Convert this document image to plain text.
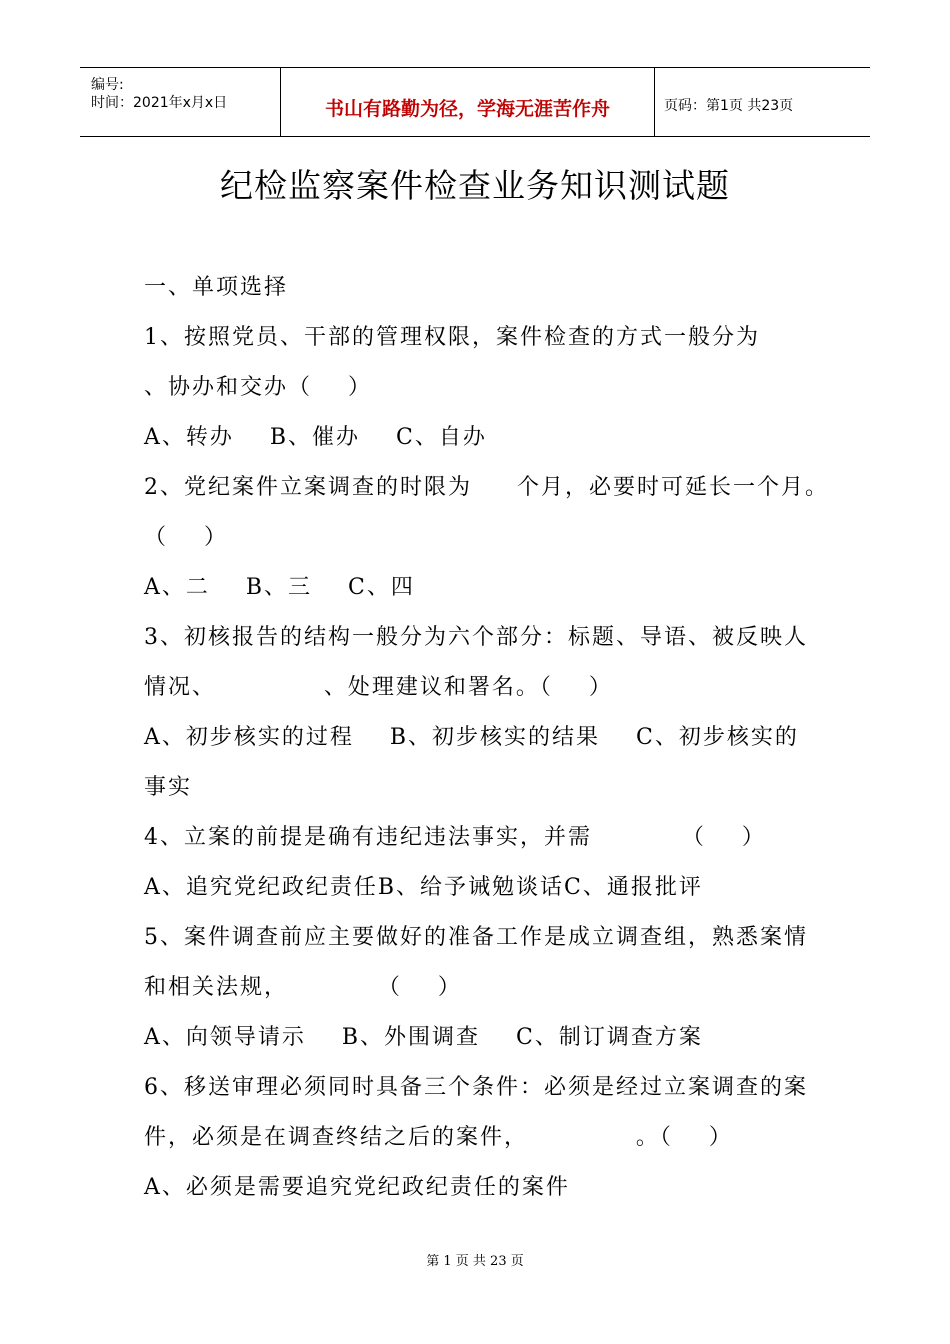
编号:
时间：2021年x月x日	书山有路勤为径，学海无涯苦作舟	页码：第1页 共23页
纪检监察案件检查业务知识测试题
一、单项选择
1、按照党员、干部的管理权限，案件检查的方式一般分为
、协办和交办（    ）
A、转办    B、催办    C、自办
2、党纪案件立案调查的时限为     个月，必要时可延长一个月。
（    ）
A、二    B、三    C、四
3、初核报告的结构一般分为六个部分：标题、导语、被反映人
情况、            、处理建议和署名。（    ）
A、初步核实的过程    B、初步核实的结果    C、初步核实的
事实
4、立案的前提是确有违纪违法事实，并需          （    ）
A、追究党纪政纪责任B、给予诫勉谈话C、通报批评
5、案件调查前应主要做好的准备工作是成立调查组，熟悉案情
和相关法规，          （    ）
A、向领导请示    B、外围调查    C、制订调查方案
6、移送审理必须同时具备三个条件：必须是经过立案调查的案
件，必须是在调查终结之后的案件，            。（    ）
A、必须是需要追究党纪政纪责任的案件
第 1 页 共 23 页
